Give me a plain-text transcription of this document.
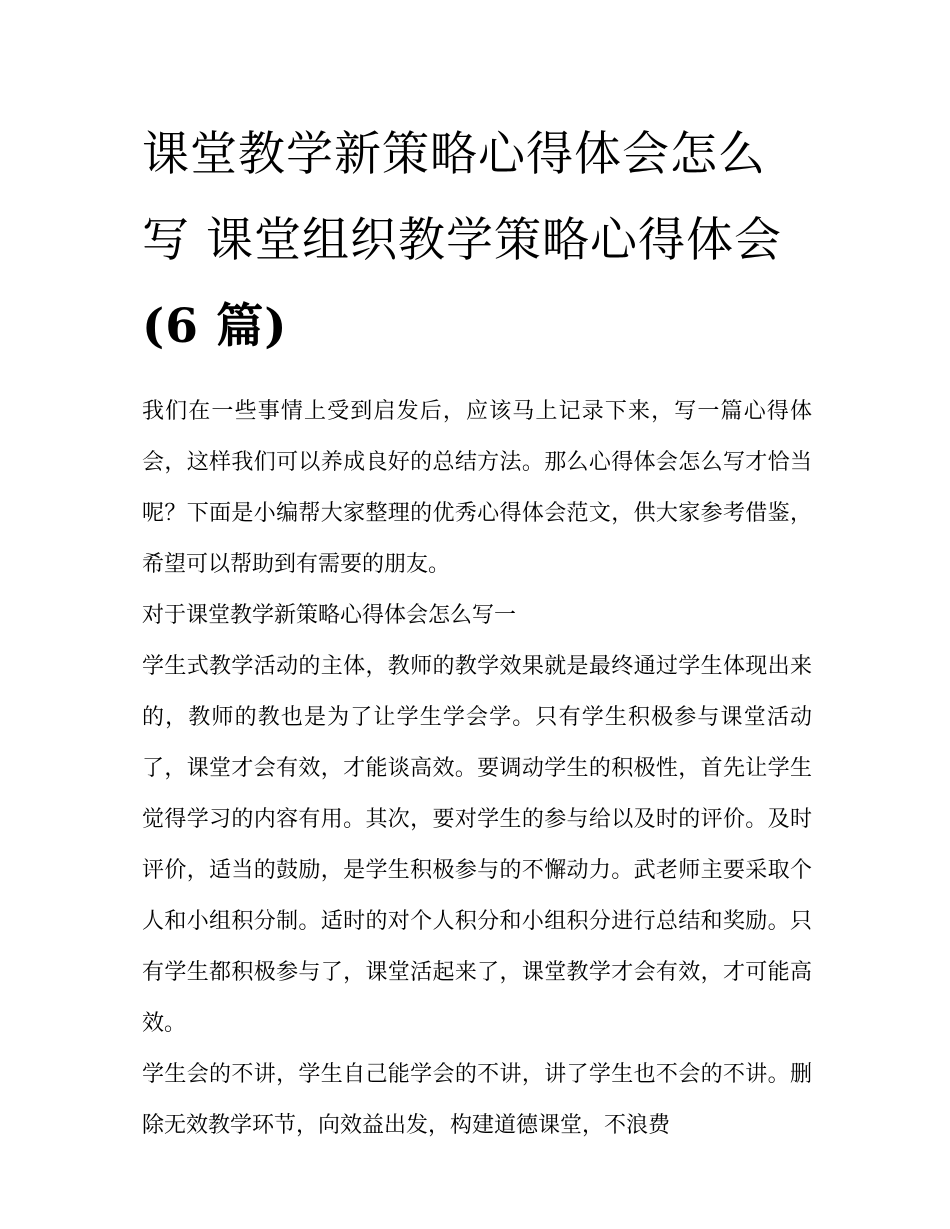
课堂教学新策略心得体会怎么写 课堂组织教学策略心得体会
(6 篇)

我们在一些事情上受到启发后，应该马上记录下来，写一篇心得体会，这样我们可以养成良好的总结方法。那么心得体会怎么写才恰当呢？下面是小编帮大家整理的优秀心得体会范文，供大家参考借鉴，希望可以帮助到有需要的朋友。

对于课堂教学新策略心得体会怎么写一

学生式教学活动的主体，教师的教学效果就是最终通过学生体现出来的，教师的教也是为了让学生学会学。只有学生积极参与课堂活动了，课堂才会有效，才能谈高效。要调动学生的积极性，首先让学生觉得学习的内容有用。其次，要对学生的参与给以及时的评价。及时评价，适当的鼓励，是学生积极参与的不懈动力。武老师主要采取个人和小组积分制。适时的对个人积分和小组积分进行总结和奖励。只有学生都积极参与了，课堂活起来了，课堂教学才会有效，才可能高效。

学生会的不讲，学生自己能学会的不讲，讲了学生也不会的不讲。删除无效教学环节，向效益出发，构建道德课堂，不浪费
